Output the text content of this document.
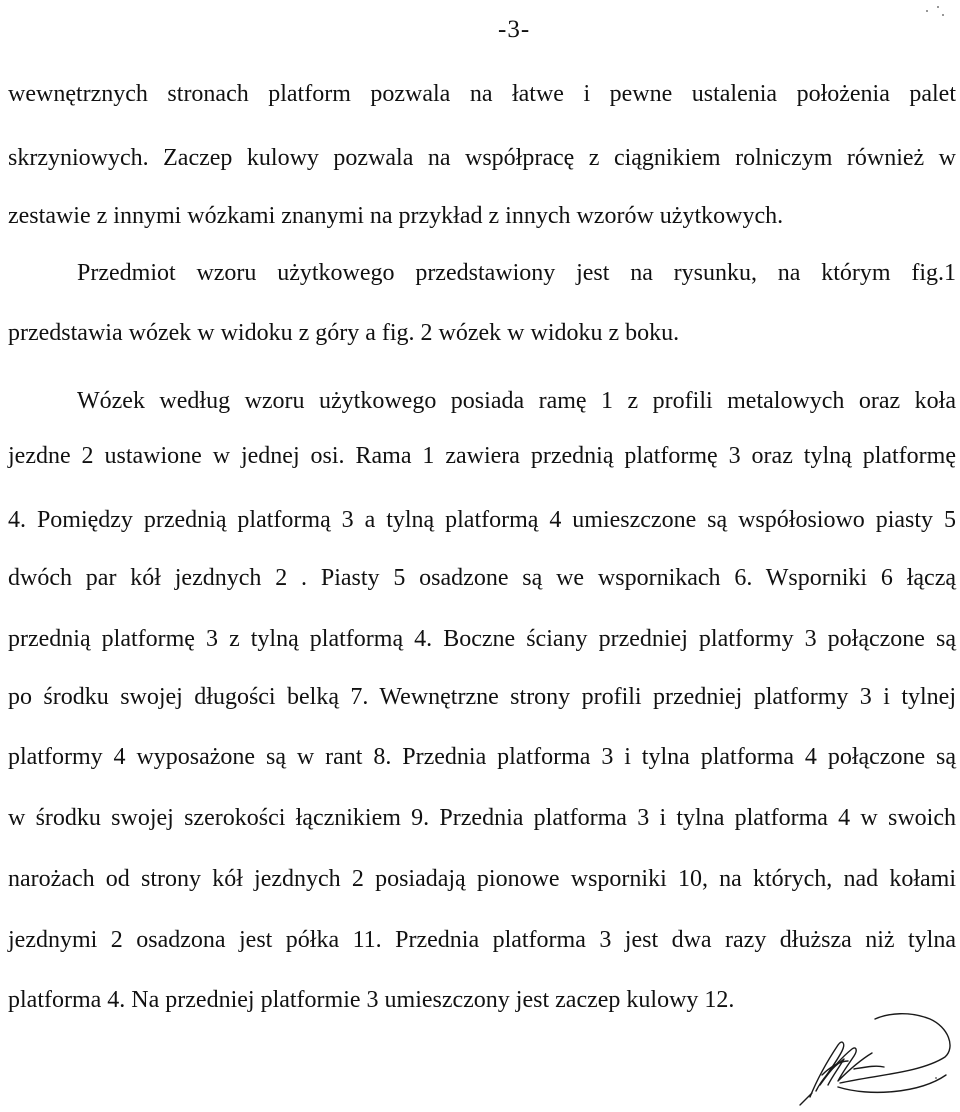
-3-
wewnętrznych stronach platform pozwala na łatwe i pewne ustalenia położenia palet
skrzyniowych. Zaczep kulowy pozwala na współpracę z ciągnikiem rolniczym również w
zestawie z innymi wózkami znanymi na przykład z innych wzorów użytkowych.
Przedmiot wzoru użytkowego przedstawiony jest na rysunku, na którym fig.1
przedstawia wózek w widoku z góry a fig. 2 wózek w widoku z boku.
Wózek według wzoru użytkowego posiada ramę 1 z profili metalowych oraz koła
jezdne 2 ustawione w jednej osi. Rama 1 zawiera przednią platformę 3 oraz tylną platformę
4. Pomiędzy przednią platformą 3 a tylną platformą 4 umieszczone są współosiowo piasty 5
dwóch par kół jezdnych 2 . Piasty 5 osadzone są we wspornikach 6. Wsporniki 6 łączą
przednią platformę 3 z tylną platformą 4. Boczne ściany przedniej platformy 3 połączone są
po środku swojej długości belką 7. Wewnętrzne strony profili przedniej platformy 3 i tylnej
platformy 4 wyposażone są w rant 8. Przednia platforma 3 i tylna platforma 4 połączone są
w środku swojej szerokości łącznikiem 9. Przednia platforma 3 i tylna platforma 4 w swoich
narożach od strony kół jezdnych 2 posiadają pionowe wsporniki 10, na których, nad kołami
jezdnymi 2 osadzona jest półka 11. Przednia platforma 3 jest dwa razy dłuższa niż tylna
platforma 4. Na przedniej platformie 3 umieszczony jest zaczep kulowy 12.
